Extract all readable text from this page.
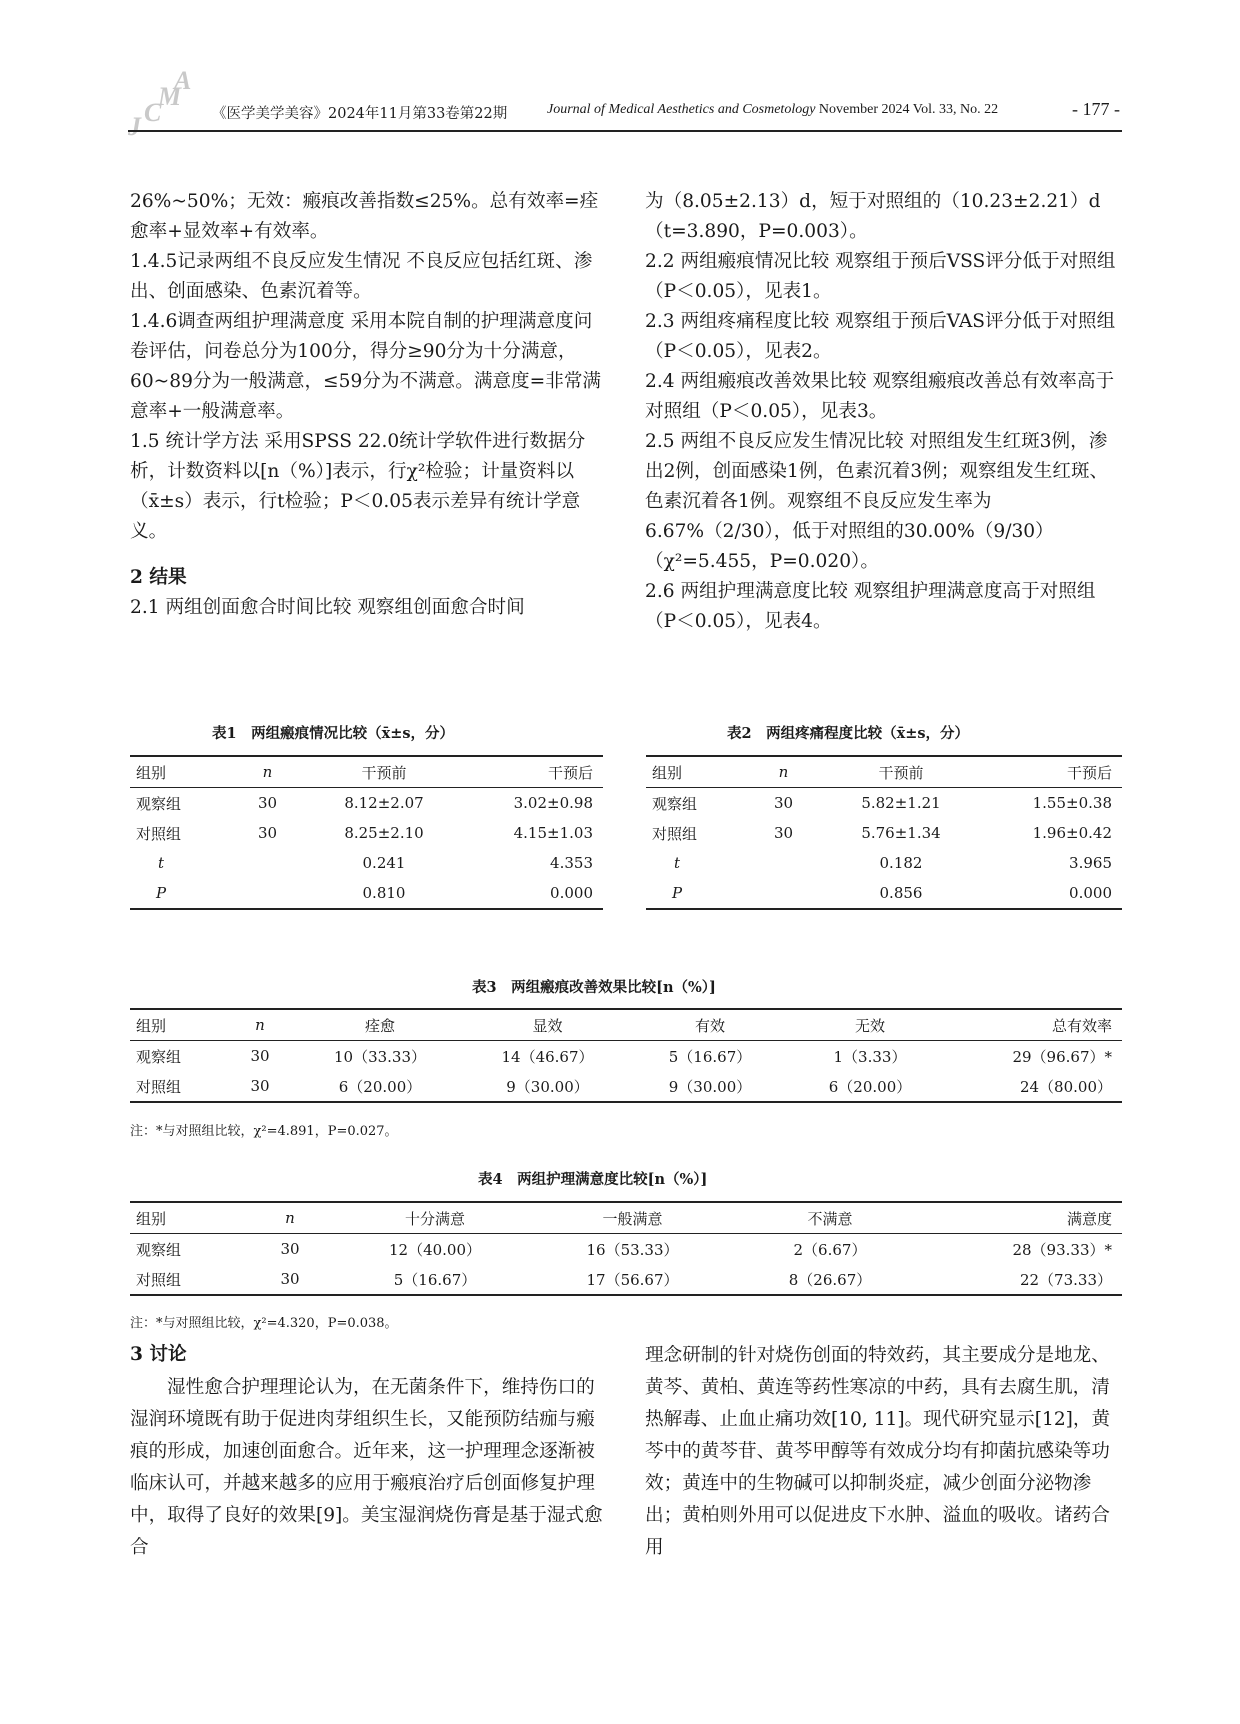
A
M
C
J	《医学美学美容》2024年11月第33卷第22期	Journal of Medical Aesthetics and Cosmetology November 2024 Vol. 33, No. 22	- 177 -

26%~50%；无效：瘢痕改善指数≤25%。总有效率=痊愈率+显效率+有效率。

1.4.5记录两组不良反应发生情况 不良反应包括红斑、渗出、创面感染、色素沉着等。

1.4.6调查两组护理满意度 采用本院自制的护理满意度问卷评估，问卷总分为100分，得分≥90分为十分满意，60~89分为一般满意，≤59分为不满意。满意度=非常满意率+一般满意率。

1.5 统计学方法 采用SPSS 22.0统计学软件进行数据分析，计数资料以[n（%）]表示，行χ²检验；计量资料以（x̄±s）表示，行t检验；P＜0.05表示差异有统计学意义。

2 结果

2.1 两组创面愈合时间比较 观察组创面愈合时间

为（8.05±2.13）d，短于对照组的（10.23±2.21）d（t=3.890，P=0.003）。

2.2 两组瘢痕情况比较 观察组于预后VSS评分低于对照组（P＜0.05），见表1。

2.3 两组疼痛程度比较 观察组于预后VAS评分低于对照组（P＜0.05），见表2。

2.4 两组瘢痕改善效果比较 观察组瘢痕改善总有效率高于对照组（P＜0.05），见表3。

2.5 两组不良反应发生情况比较 对照组发生红斑3例，渗出2例，创面感染1例，色素沉着3例；观察组发生红斑、色素沉着各1例。观察组不良反应发生率为6.67%（2/30），低于对照组的30.00%（9/30）（χ²=5.455，P=0.020）。

2.6 两组护理满意度比较 观察组护理满意度高于对照组（P＜0.05），见表4。

表1　两组瘢痕情况比较（x̄±s，分）
组别	n	干预前	干预后
观察组	30	8.12±2.07	3.02±0.98
对照组	30	8.25±2.10	4.15±1.03
t		0.241	4.353
P		0.810	0.000
表2　两组疼痛程度比较（x̄±s，分）
组别	n	干预前	干预后
观察组	30	5.82±1.21	1.55±0.38
对照组	30	5.76±1.34	1.96±0.42
t		0.182	3.965
P		0.856	0.000
表3　两组瘢痕改善效果比较[n（%）]
组别	n	痊愈	显效	有效	无效	总有效率
观察组	30	10（33.33）	14（46.67）	5（16.67）	1（3.33）	29（96.67）*
对照组	30	6（20.00）	9（30.00）	9（30.00）	6（20.00）	24（80.00）
注：*与对照组比较，χ²=4.891，P=0.027。
表4　两组护理满意度比较[n（%）]
组别	n	十分满意	一般满意	不满意	满意度
观察组	30	12（40.00）	16（53.33）	2（6.67）	28（93.33）*
对照组	30	5（16.67）	17（56.67）	8（26.67）	22（73.33）
注：*与对照组比较，χ²=4.320，P=0.038。
3 讨论
湿性愈合护理理论认为，在无菌条件下，维持伤口的湿润环境既有助于促进肉芽组织生长，又能预防结痂与瘢痕的形成，加速创面愈合。近年来，这一护理理念逐渐被临床认可，并越来越多的应用于瘢痕治疗后创面修复护理中，取得了良好的效果[9]。美宝湿润烧伤膏是基于湿式愈合
理念研制的针对烧伤创面的特效药，其主要成分是地龙、黄芩、黄柏、黄连等药性寒凉的中药，具有去腐生肌，清热解毒、止血止痛功效[10, 11]。现代研究显示[12]，黄芩中的黄芩苷、黄芩甲醇等有效成分均有抑菌抗感染等功效；黄连中的生物碱可以抑制炎症，减少创面分泌物渗出；黄柏则外用可以促进皮下水肿、溢血的吸收。诸药合用
